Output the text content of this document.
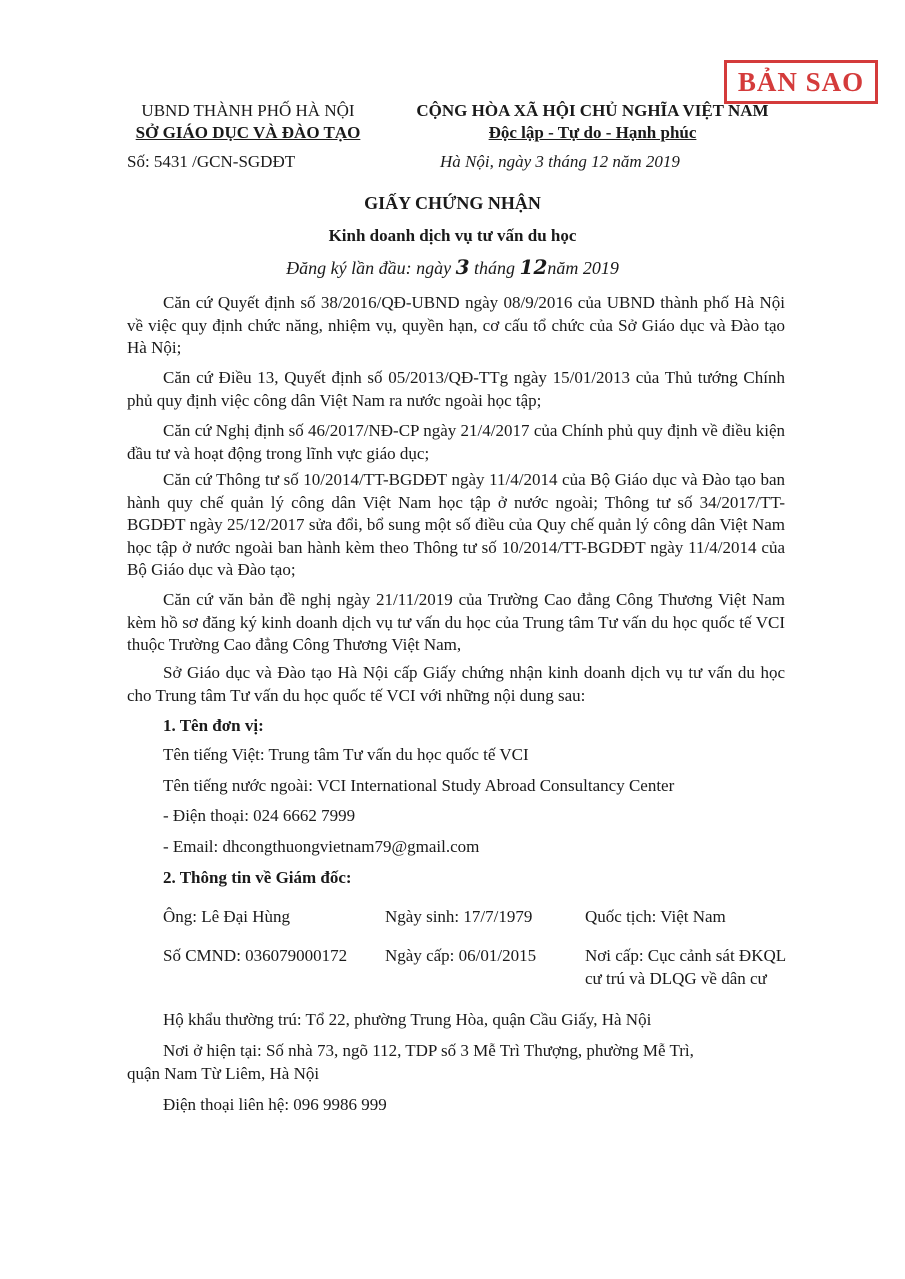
BẢN SAO
UBND THÀNH PHỐ HÀ NỘI
SỞ GIÁO DỤC VÀ ĐÀO TẠO
CỘNG HÒA XÃ HỘI CHỦ NGHĨA VIỆT NAM
Độc lập - Tự do - Hạnh phúc
Số: 5431 /GCN-SGDĐT	Hà Nội, ngày 3 tháng 12 năm 2019
GIẤY CHỨNG NHẬN
Kinh doanh dịch vụ tư vấn du học
Đăng ký lần đầu: ngày 3 tháng 12năm 2019

Căn cứ Quyết định số 38/2016/QĐ-UBND ngày 08/9/2016 của UBND thành phố Hà Nội về việc quy định chức năng, nhiệm vụ, quyền hạn, cơ cấu tổ chức của Sở Giáo dục và Đào tạo Hà Nội;

Căn cứ Điều 13, Quyết định số 05/2013/QĐ-TTg ngày 15/01/2013 của Thủ tướng Chính phủ quy định việc công dân Việt Nam ra nước ngoài học tập;

Căn cứ Nghị định số 46/2017/NĐ-CP ngày 21/4/2017 của Chính phủ quy định về điều kiện đầu tư và hoạt động trong lĩnh vực giáo dục;

Căn cứ Thông tư số 10/2014/TT-BGDĐT ngày 11/4/2014 của Bộ Giáo dục và Đào tạo ban hành quy chế quản lý công dân Việt Nam học tập ở nước ngoài; Thông tư số 34/2017/TT-BGDĐT ngày 25/12/2017 sửa đổi, bổ sung một số điều của Quy chế quản lý công dân Việt Nam học tập ở nước ngoài ban hành kèm theo Thông tư số 10/2014/TT-BGDĐT ngày 11/4/2014 của Bộ Giáo dục và Đào tạo;

Căn cứ văn bản đề nghị ngày 21/11/2019 của Trường Cao đẳng Công Thương Việt Nam kèm hồ sơ đăng ký kinh doanh dịch vụ tư vấn du học của Trung tâm Tư vấn du học quốc tế VCI thuộc Trường Cao đẳng Công Thương Việt Nam,

Sở Giáo dục và Đào tạo Hà Nội cấp Giấy chứng nhận kinh doanh dịch vụ tư vấn du học cho Trung tâm Tư vấn du học quốc tế VCI với những nội dung sau:

1. Tên đơn vị:
Tên tiếng Việt: Trung tâm Tư vấn du học quốc tế VCI
Tên tiếng nước ngoài: VCI International Study Abroad Consultancy Center
- Điện thoại: 024 6662 7999
- Email: dhcongthuongvietnam79@gmail.com
2. Thông tin về Giám đốc:
Ông: Lê Đại Hùng	Ngày sinh: 17/7/1979	Quốc tịch: Việt Nam
Số CMND: 036079000172 Ngày cấp: 06/01/2015	Nơi cấp: Cục cảnh sát ĐKQL
cư trú và DLQG về dân cư
Hộ khẩu thường trú: Tổ 22, phường Trung Hòa, quận Cầu Giấy, Hà Nội
Nơi ở hiện tại: Số nhà 73, ngõ 112, TDP số 3 Mễ Trì Thượng, phường Mễ Trì,
quận Nam Từ Liêm, Hà Nội
Điện thoại liên hệ: 096 9986 999
